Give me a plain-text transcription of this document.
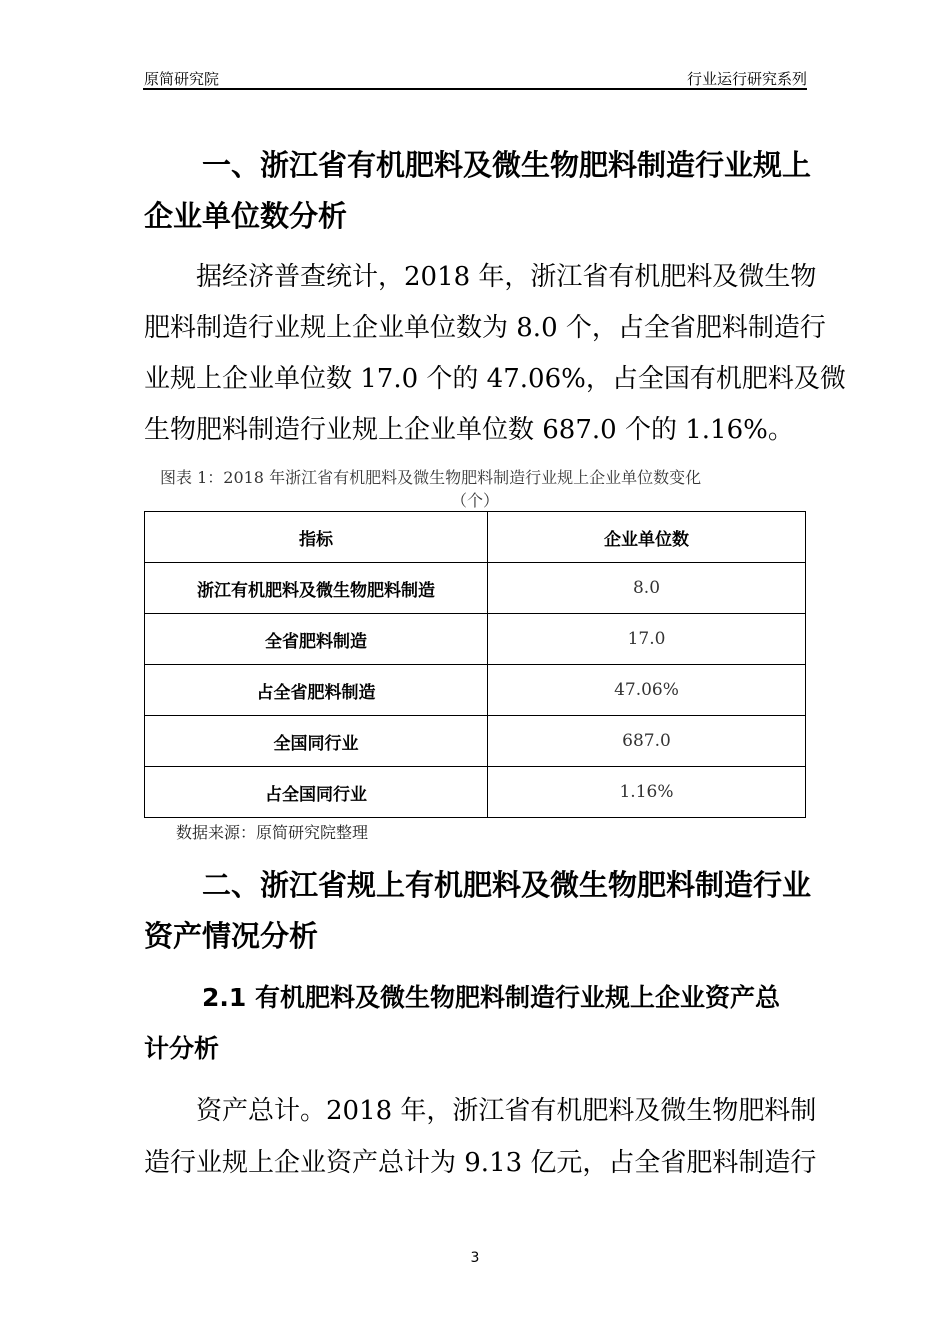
原简研究院	行业运行研究系列
一、浙江省有机肥料及微生物肥料制造行业规上
企业单位数分析
据经济普查统计，2018 年，浙江省有机肥料及微生物
肥料制造行业规上企业单位数为 8.0 个，占全省肥料制造行
业规上企业单位数 17.0 个的 47.06%，占全国有机肥料及微
生物肥料制造行业规上企业单位数 687.0 个的 1.16%。
图表 1：2018 年浙江省有机肥料及微生物肥料制造行业规上企业单位数变化
（个）
指标	企业单位数
浙江有机肥料及微生物肥料制造	8.0
全省肥料制造	17.0
占全省肥料制造	47.06%
全国同行业	687.0
占全国同行业	1.16%
数据来源：原简研究院整理
二、浙江省规上有机肥料及微生物肥料制造行业
资产情况分析
2.1 有机肥料及微生物肥料制造行业规上企业资产总
计分析
资产总计。2018 年，浙江省有机肥料及微生物肥料制
造行业规上企业资产总计为 9.13 亿元，占全省肥料制造行
3
